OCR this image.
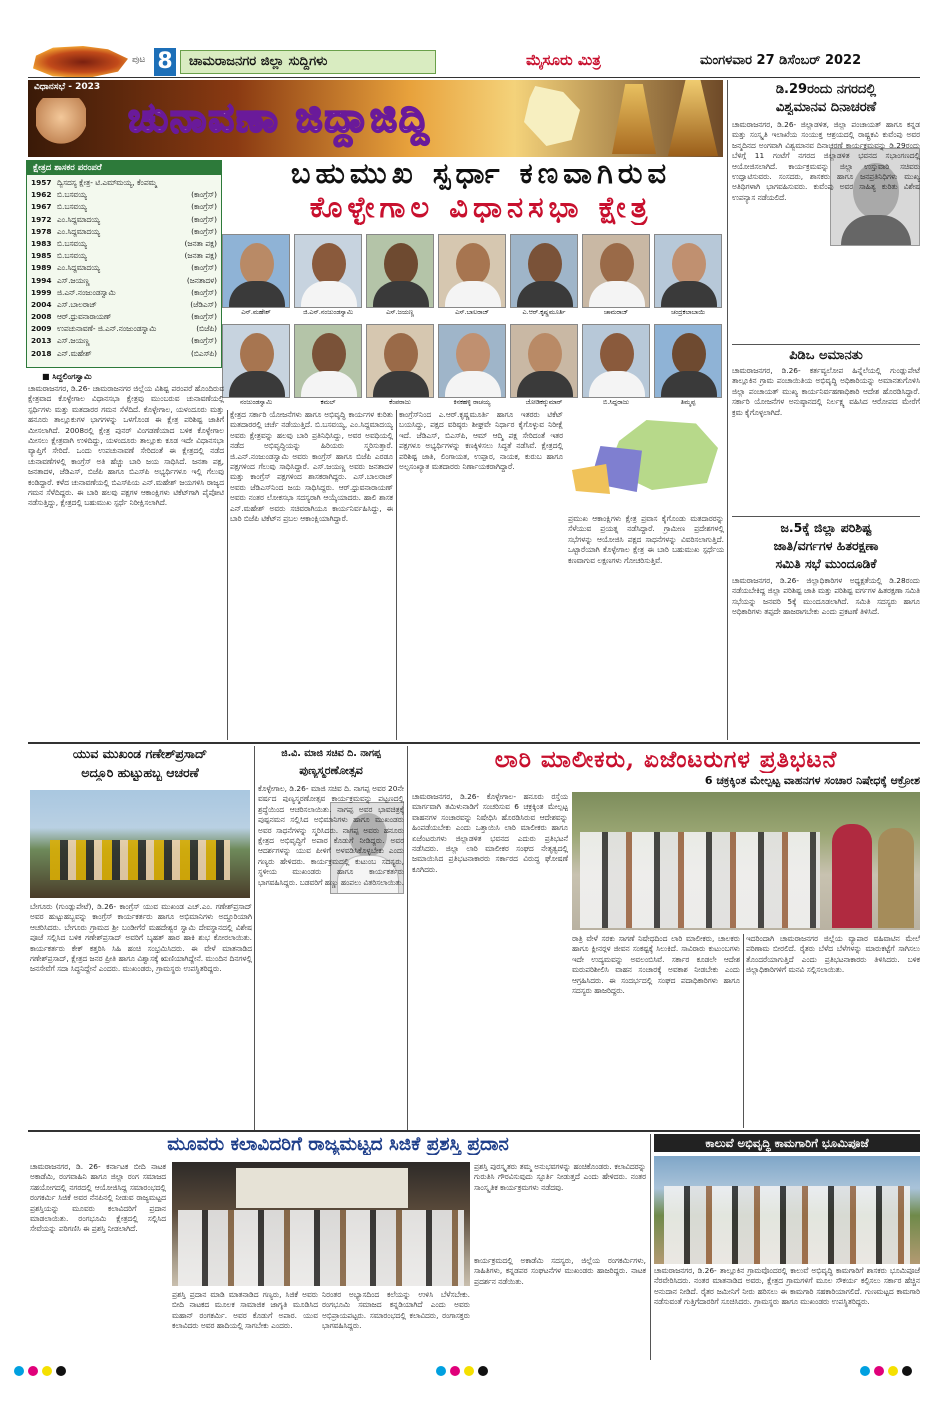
ಪುಟ 8	ಚಾಮರಾಜನಗರ ಜಿಲ್ಲಾ ಸುದ್ದಿಗಳು	ಮೈಸೂರು ಮಿತ್ರ	ಮಂಗಳವಾರ 27 ಡಿಸೆಂಬರ್ 2022
ವಿಧಾನಸಭೆ - 2023
ಚುನಾವಣಾ ಜಿದ್ದಾಜಿದ್ದಿ
ಕ್ಷೇತ್ರದ ಶಾಸಕರ ಪರಂಪರೆ
1957 ದ್ವಿಸದಸ್ಯ ಕ್ಷೇತ್ರ- ಟಿ.ಎಮ್‍ಮಯ್ಯ, ಕೆಂಪಮ್ಮ
1962 ಬಿ.ಬಸವಯ್ಯ	(ಕಾಂಗ್ರೆಸ್)
1967 ಬಿ.ಬಸವಯ್ಯ	(ಕಾಂಗ್ರೆಸ್)
1972 ಎಂ.ಸಿದ್ದಮಾದಯ್ಯ	(ಕಾಂಗ್ರೆಸ್)
1978 ಎಂ.ಸಿದ್ದಮಾದಯ್ಯ	(ಕಾಂಗ್ರೆಸ್)
1983 ಬಿ.ಬಸವಯ್ಯ	(ಜನತಾ ಪಕ್ಷ)
1985 ಬಿ.ಬಸವಯ್ಯ	(ಜನತಾ ಪಕ್ಷ)
1989 ಎಂ.ಸಿದ್ದಮಾದಯ್ಯ	(ಕಾಂಗ್ರೆಸ್)
1994 ಎಸ್.ಜಯಣ್ಣ	(ಜನತಾದಳ)
1999 ಜಿ.ಎನ್.ನಂಜುಂಡಸ್ವಾಮಿ	(ಕಾಂಗ್ರೆಸ್)
2004 ಎಸ್.ಬಾಲರಾಜ್	(ಜೆಡಿಎಸ್)
2008 ಆರ್.ಧ್ರುವನಾರಾಯಣ್	(ಕಾಂಗ್ರೆಸ್)
2009 ಉಪಚುನಾವಣೆ- ಜಿ.ಎನ್.ನಂಜುಂಡಸ್ವಾಮಿ	(ಬಿಜೆಪಿ)
2013 ಎಸ್.ಜಯಣ್ಣ	(ಕಾಂಗ್ರೆಸ್)
2018 ಎನ್.ಮಹೇಶ್	(ಬಿಎಸ್‍ಪಿ)
ಬಹುಮುಖ ಸ್ಪರ್ಧಾ ಕಣವಾಗಿರುವ
ಕೊಳ್ಳೇಗಾಲ ವಿಧಾನಸಭಾ ಕ್ಷೇತ್ರ
ಎನ್.ಮಹೇಶ್	ಜಿ.ಎನ್.ನಂಜುಂಡಸ್ವಾಮಿ	ಎಸ್.ಜಯಣ್ಣ	ಎಸ್.ಬಾಲರಾಜ್	ಎ.ಆರ್.ಕೃಷ್ಣಮೂರ್ತಿ	ಚಾಮರಾಜ್	ಚಂದ್ರಕಲಾಬಾಯಿ
ನಂಜುಂಡಸ್ವಾಮಿ	ಕಮಲ್	ಕೆಂಪರಾಜು	ಕಿನಕಹಳ್ಳಿ ರಾಚಯ್ಯ	ಜೋಡಿಕರ್‍ಕುಮಾರ್	ಬಿ.ಸಿದ್ದರಾಜು	ತಿಮ್ಮಪ್ಪ
■ ಸಿದ್ದಲಿಂಗಸ್ವಾಮಿ
ಚಾಮರಾಜನಗರ, ಡಿ.26- ಚಾಮರಾಜನಗರ ಜಿಲ್ಲೆಯ ವಿಶಿಷ್ಟ ಪರಂಪರೆ ಹೊಂದಿರುವ ಕ್ಷೇತ್ರವಾದ ಕೊಳ್ಳೇಗಾಲ ವಿಧಾನಸಭಾ ಕ್ಷೇತ್ರವು ಮುಂಬರುವ ಚುನಾವಣೆಯಲ್ಲಿ ಸ್ಪರ್ಧಿಗಳು ಮತ್ತು ಮತದಾರರ ಗಮನ ಸೆಳೆದಿದೆ. ಕೊಳ್ಳೇಗಾಲ, ಯಳಂದೂರು ಮತ್ತು ಹನೂರು ತಾಲ್ಲೂಕುಗಳ ಭಾಗಗಳನ್ನು ಒಳಗೊಂಡ ಈ ಕ್ಷೇತ್ರ ಪರಿಶಿಷ್ಟ ಜಾತಿಗೆ ಮೀಸಲಾಗಿದೆ. 2008ರಲ್ಲಿ ಕ್ಷೇತ್ರ ಪುನರ್ ವಿಂಗಡಣೆಯಾದ ಬಳಿಕ ಕೊಳ್ಳೇಗಾಲ ಮೀಸಲು ಕ್ಷೇತ್ರವಾಗಿ ಉಳಿದಿದ್ದು, ಯಳಂದೂರು ತಾಲ್ಲೂಕು ಕೂಡ ಇದೇ ವಿಧಾನಸಭಾ ವ್ಯಾಪ್ತಿಗೆ ಸೇರಿದೆ. ಒಂದು ಉಪಚುನಾವಣೆ ಸೇರಿದಂತೆ ಈ ಕ್ಷೇತ್ರದಲ್ಲಿ ನಡೆದ ಚುನಾವಣೆಗಳಲ್ಲಿ ಕಾಂಗ್ರೆಸ್ ಅತಿ ಹೆಚ್ಚು ಬಾರಿ ಜಯ ಸಾಧಿಸಿದೆ. ಜನತಾ ಪಕ್ಷ, ಜನತಾದಳ, ಜೆಡಿಎಸ್, ಬಿಜೆಪಿ ಹಾಗೂ ಬಿಎಸ್‍ಪಿ ಅಭ್ಯರ್ಥಿಗಳೂ ಇಲ್ಲಿ ಗೆಲುವು ಕಂಡಿದ್ದಾರೆ. ಕಳೆದ ಚುನಾವಣೆಯಲ್ಲಿ ಬಿಎಸ್‍ಪಿಯ ಎನ್.ಮಹೇಶ್ ಜಯಗಳಿಸಿ ರಾಜ್ಯದ ಗಮನ ಸೆಳೆದಿದ್ದರು. ಈ ಬಾರಿ ಹಲವು ಪಕ್ಷಗಳ ಆಕಾಂಕ್ಷಿಗಳು ಟಿಕೆಟ್‍ಗಾಗಿ ಪೈಪೋಟಿ ನಡೆಸುತ್ತಿದ್ದು, ಕ್ಷೇತ್ರದಲ್ಲಿ ಬಹುಮುಖ ಸ್ಪರ್ಧೆ ನಿರೀಕ್ಷಿಸಲಾಗಿದೆ.
ಕ್ಷೇತ್ರದ ಸರ್ಕಾರಿ ಯೋಜನೆಗಳು ಹಾಗೂ ಅಭಿವೃದ್ಧಿ ಕಾರ್ಯಗಳ ಕುರಿತು ಮತದಾರರಲ್ಲಿ ಚರ್ಚೆ ನಡೆಯುತ್ತಿದೆ. ಬಿ.ಬಸವಯ್ಯ, ಎಂ.ಸಿದ್ದಮಾದಯ್ಯ ಅವರು ಕ್ಷೇತ್ರವನ್ನು ಹಲವು ಬಾರಿ ಪ್ರತಿನಿಧಿಸಿದ್ದು, ಅವರ ಅವಧಿಯಲ್ಲಿ ನಡೆದ ಅಭಿವೃದ್ಧಿಯನ್ನು ಹಿರಿಯರು ಸ್ಮರಿಸುತ್ತಾರೆ. ಜಿ.ಎನ್.ನಂಜುಂಡಸ್ವಾಮಿ ಅವರು ಕಾಂಗ್ರೆಸ್ ಹಾಗೂ ಬಿಜೆಪಿ ಎರಡೂ ಪಕ್ಷಗಳಿಂದ ಗೆಲುವು ಸಾಧಿಸಿದ್ದಾರೆ. ಎಸ್.ಜಯಣ್ಣ ಅವರು ಜನತಾದಳ ಮತ್ತು ಕಾಂಗ್ರೆಸ್ ಪಕ್ಷಗಳಿಂದ ಶಾಸಕರಾಗಿದ್ದರು. ಎಸ್.ಬಾಲರಾಜ್ ಅವರು ಜೆಡಿಎಸ್‍ನಿಂದ ಜಯ ಸಾಧಿಸಿದ್ದರು. ಆರ್.ಧ್ರುವನಾರಾಯಣ್ ಅವರು ನಂತರ ಲೋಕಸಭಾ ಸದಸ್ಯರಾಗಿ ಆಯ್ಕೆಯಾದರು. ಹಾಲಿ ಶಾಸಕ ಎನ್.ಮಹೇಶ್ ಅವರು ಸಚಿವರಾಗಿಯೂ ಕಾರ್ಯನಿರ್ವಹಿಸಿದ್ದು, ಈ ಬಾರಿ ಬಿಜೆಪಿ ಟಿಕೆಟ್‍ನ ಪ್ರಬಲ ಆಕಾಂಕ್ಷಿಯಾಗಿದ್ದಾರೆ.
ಕಾಂಗ್ರೆಸ್‍ನಿಂದ ಎ.ಆರ್.ಕೃಷ್ಣಮೂರ್ತಿ ಹಾಗೂ ಇತರರು ಟಿಕೆಟ್ ಬಯಸಿದ್ದು, ಪಕ್ಷದ ವರಿಷ್ಠರು ಶೀಘ್ರವೇ ನಿರ್ಧಾರ ಕೈಗೊಳ್ಳುವ ನಿರೀಕ್ಷೆ ಇದೆ. ಜೆಡಿಎಸ್, ಬಿಎಸ್‍ಪಿ, ಆಮ್ ಆದ್ಮಿ ಪಕ್ಷ ಸೇರಿದಂತೆ ಇತರ ಪಕ್ಷಗಳೂ ಅಭ್ಯರ್ಥಿಗಳನ್ನು ಕಣಕ್ಕಿಳಿಸಲು ಸಿದ್ಧತೆ ನಡೆಸಿವೆ. ಕ್ಷೇತ್ರದಲ್ಲಿ ಪರಿಶಿಷ್ಟ ಜಾತಿ, ಲಿಂಗಾಯತ, ಉಪ್ಪಾರ, ನಾಯಕ, ಕುರುಬ ಹಾಗೂ ಅಲ್ಪಸಂಖ್ಯಾತ ಮತದಾರರು ನಿರ್ಣಾಯಕರಾಗಿದ್ದಾರೆ.
ಪ್ರಮುಖ ಆಕಾಂಕ್ಷಿಗಳು ಕ್ಷೇತ್ರ ಪ್ರವಾಸ ಕೈಗೊಂಡು ಮತದಾರರನ್ನು ಸೆಳೆಯುವ ಪ್ರಯತ್ನ ನಡೆಸಿದ್ದಾರೆ. ಗ್ರಾಮೀಣ ಪ್ರದೇಶಗಳಲ್ಲಿ ಸಭೆಗಳನ್ನು ಆಯೋಜಿಸಿ ಪಕ್ಷದ ಸಾಧನೆಗಳನ್ನು ವಿವರಿಸಲಾಗುತ್ತಿದೆ. ಒಟ್ಟಾರೆಯಾಗಿ ಕೊಳ್ಳೇಗಾಲ ಕ್ಷೇತ್ರ ಈ ಬಾರಿ ಬಹುಮುಖ ಸ್ಪರ್ಧೆಯ ಕಣವಾಗುವ ಲಕ್ಷಣಗಳು ಗೋಚರಿಸುತ್ತಿವೆ.
ಡಿ.29ರಂದು ನಗರದಲ್ಲಿ
ವಿಶ್ವಮಾನವ ದಿನಾಚರಣೆ
ಚಾಮರಾಜನಗರ, ಡಿ.26- ಜಿಲ್ಲಾಡಳಿತ, ಜಿಲ್ಲಾ ಪಂಚಾಯತ್ ಹಾಗೂ ಕನ್ನಡ ಮತ್ತು ಸಂಸ್ಕೃತಿ ಇಲಾಖೆಯ ಸಂಯುಕ್ತ ಆಶ್ರಯದಲ್ಲಿ ರಾಷ್ಟ್ರಕವಿ ಕುವೆಂಪು ಅವರ ಜನ್ಮದಿನದ ಅಂಗವಾಗಿ ವಿಶ್ವಮಾನವ ದಿನಾಚರಣೆ ಕಾರ್ಯಕ್ರಮವನ್ನು ಡಿ.29ರಂದು ಬೆಳಿಗ್ಗೆ 11 ಗಂಟೆಗೆ ನಗರದ ಜಿಲ್ಲಾಡಳಿತ ಭವನದ ಸಭಾಂಗಣದಲ್ಲಿ ಆಯೋಜಿಸಲಾಗಿದೆ. ಕಾರ್ಯಕ್ರಮವನ್ನು ಜಿಲ್ಲಾ ಉಸ್ತುವಾರಿ ಸಚಿವರು ಉದ್ಘಾಟಿಸುವರು. ಸಂಸದರು, ಶಾಸಕರು ಹಾಗೂ ಜನಪ್ರತಿನಿಧಿಗಳು ಮುಖ್ಯ ಅತಿಥಿಗಳಾಗಿ ಭಾಗವಹಿಸುವರು. ಕುವೆಂಪು ಅವರ ಸಾಹಿತ್ಯ ಕುರಿತು ವಿಶೇಷ ಉಪನ್ಯಾಸ ನಡೆಯಲಿದೆ.
ಪಿಡಿಒ ಅಮಾನತು
ಚಾಮರಾಜನಗರ, ಡಿ.26- ಕರ್ತವ್ಯಲೋಪ ಹಿನ್ನೆಲೆಯಲ್ಲಿ ಗುಂಡ್ಲುಪೇಟೆ ತಾಲ್ಲೂಕಿನ ಗ್ರಾಮ ಪಂಚಾಯಿತಿಯ ಅಭಿವೃದ್ಧಿ ಅಧಿಕಾರಿಯನ್ನು ಅಮಾನತುಗೊಳಿಸಿ ಜಿಲ್ಲಾ ಪಂಚಾಯತ್ ಮುಖ್ಯ ಕಾರ್ಯನಿರ್ವಹಣಾಧಿಕಾರಿ ಆದೇಶ ಹೊರಡಿಸಿದ್ದಾರೆ. ಸರ್ಕಾರಿ ಯೋಜನೆಗಳ ಅನುಷ್ಠಾನದಲ್ಲಿ ನಿರ್ಲಕ್ಷ್ಯ ವಹಿಸಿದ ಆರೋಪದ ಮೇರೆಗೆ ಕ್ರಮ ಕೈಗೊಳ್ಳಲಾಗಿದೆ.
ಜ.5ಕ್ಕೆ ಜಿಲ್ಲಾ ಪರಿಶಿಷ್ಟ
ಜಾತಿ/ವರ್ಗಗಳ ಹಿತರಕ್ಷಣಾ
ಸಮಿತಿ ಸಭೆ ಮುಂದೂಡಿಕೆ
ಚಾಮರಾಜನಗರ, ಡಿ.26- ಜಿಲ್ಲಾಧಿಕಾರಿಗಳ ಅಧ್ಯಕ್ಷತೆಯಲ್ಲಿ ಡಿ.28ರಂದು ನಡೆಯಬೇಕಿದ್ದ ಜಿಲ್ಲಾ ಪರಿಶಿಷ್ಟ ಜಾತಿ ಮತ್ತು ಪರಿಶಿಷ್ಟ ವರ್ಗಗಳ ಹಿತರಕ್ಷಣಾ ಸಮಿತಿ ಸಭೆಯನ್ನು ಜನವರಿ 5ಕ್ಕೆ ಮುಂದೂಡಲಾಗಿದೆ. ಸಮಿತಿ ಸದಸ್ಯರು ಹಾಗೂ ಅಧಿಕಾರಿಗಳು ತಪ್ಪದೇ ಹಾಜರಾಗಬೇಕು ಎಂದು ಪ್ರಕಟಣೆ ತಿಳಿಸಿದೆ.
ಯುವ ಮುಖಂಡ ಗಣೇಶ್‍ಪ್ರಸಾದ್
ಅದ್ದೂರಿ ಹುಟ್ಟುಹಬ್ಬ ಆಚರಣೆ
ಬೇಗೂರು (ಗುಂಡ್ಲುಪೇಟೆ), ಡಿ.26- ಕಾಂಗ್ರೆಸ್ ಯುವ ಮುಖಂಡ ಎಚ್.ಎಂ. ಗಣೇಶ್‍ಪ್ರಸಾದ್ ಅವರ ಹುಟ್ಟುಹಬ್ಬವನ್ನು ಕಾಂಗ್ರೆಸ್ ಕಾರ್ಯಕರ್ತರು ಹಾಗೂ ಅಭಿಮಾನಿಗಳು ಅದ್ದೂರಿಯಾಗಿ ಆಚರಿಸಿದರು. ಬೇಗೂರು ಗ್ರಾಮದ ಶ್ರೀ ಬಂಡೀಗೆರೆ ಮಹದೇಶ್ವರ ಸ್ವಾಮಿ ದೇವಸ್ಥಾನದಲ್ಲಿ ವಿಶೇಷ ಪೂಜೆ ಸಲ್ಲಿಸಿದ ಬಳಿಕ ಗಣೇಶ್‍ಪ್ರಸಾದ್ ಅವರಿಗೆ ಬೃಹತ್ ಹಾರ ಹಾಕಿ ಶುಭ ಕೋರಲಾಯಿತು. ಕಾರ್ಯಕರ್ತರು ಕೇಕ್ ಕತ್ತರಿಸಿ ಸಿಹಿ ಹಂಚಿ ಸಂಭ್ರಮಿಸಿದರು. ಈ ವೇಳೆ ಮಾತನಾಡಿದ ಗಣೇಶ್‍ಪ್ರಸಾದ್, ಕ್ಷೇತ್ರದ ಜನರ ಪ್ರೀತಿ ಹಾಗೂ ವಿಶ್ವಾಸಕ್ಕೆ ಋಣಿಯಾಗಿದ್ದೇನೆ. ಮುಂದಿನ ದಿನಗಳಲ್ಲಿ ಜನಸೇವೆಗೆ ಸದಾ ಸಿದ್ಧನಿದ್ದೇನೆ ಎಂದರು. ಮುಖಂಡರು, ಗ್ರಾಮಸ್ಥರು ಉಪಸ್ಥಿತರಿದ್ದರು.
ಜಿ.ವಿ. ಮಾಜಿ ಸಚಿವ ದಿ. ನಾಗಪ್ಪ
ಪುಣ್ಯಸ್ಮರಣೋತ್ಸವ
ಕೊಳ್ಳೇಗಾಲ, ಡಿ.26- ಮಾಜಿ ಸಚಿವ ದಿ. ನಾಗಪ್ಪ ಅವರ 20ನೇ ವರ್ಷದ ಪುಣ್ಯಸ್ಮರಣೋತ್ಸವ ಕಾರ್ಯಕ್ರಮವನ್ನು ಪಟ್ಟಣದಲ್ಲಿ ಶ್ರದ್ಧೆಯಿಂದ ಆಚರಿಸಲಾಯಿತು. ನಾಗಪ್ಪ ಅವರ ಭಾವಚಿತ್ರಕ್ಕೆ ಪುಷ್ಪನಮನ ಸಲ್ಲಿಸಿದ ಅಭಿಮಾನಿಗಳು ಹಾಗೂ ಮುಖಂಡರು ಅವರ ಸಾಧನೆಗಳನ್ನು ಸ್ಮರಿಸಿದರು. ನಾಗಪ್ಪ ಅವರು ಹನೂರು ಕ್ಷೇತ್ರದ ಅಭಿವೃದ್ಧಿಗೆ ಅಪಾರ ಕೊಡುಗೆ ನೀಡಿದ್ದರು. ಅವರ ಆದರ್ಶಗಳನ್ನು ಯುವ ಪೀಳಿಗೆ ಅಳವಡಿಸಿಕೊಳ್ಳಬೇಕು ಎಂದು ಗಣ್ಯರು ಹೇಳಿದರು. ಕಾರ್ಯಕ್ರಮದಲ್ಲಿ ಕುಟುಂಬ ಸದಸ್ಯರು, ಸ್ಥಳೀಯ ಮುಖಂಡರು ಹಾಗೂ ಕಾರ್ಯಕರ್ತರು ಭಾಗವಹಿಸಿದ್ದರು. ಬಡವರಿಗೆ ಹಣ್ಣು ಹಂಪಲು ವಿತರಿಸಲಾಯಿತು.
ಲಾರಿ ಮಾಲೀಕರು, ಏಜೆಂಟರುಗಳ ಪ್ರತಿಭಟನೆ
6 ಚಕ್ರಕ್ಕಿಂತ ಮೇಲ್ಪಟ್ಟ ವಾಹನಗಳ ಸಂಚಾರ ನಿಷೇಧಕ್ಕೆ ಆಕ್ರೋಶ
ಚಾಮರಾಜನಗರ, ಡಿ.26- ಕೊಳ್ಳೇಗಾಲ- ಹನೂರು ರಸ್ತೆಯ ಮಾರ್ಗವಾಗಿ ತಮಿಳುನಾಡಿಗೆ ಸಂಚರಿಸುವ 6 ಚಕ್ರಕ್ಕಿಂತ ಮೇಲ್ಪಟ್ಟ ವಾಹನಗಳ ಸಂಚಾರವನ್ನು ನಿಷೇಧಿಸಿ ಹೊರಡಿಸಿರುವ ಆದೇಶವನ್ನು ಹಿಂಪಡೆಯಬೇಕು ಎಂದು ಒತ್ತಾಯಿಸಿ ಲಾರಿ ಮಾಲೀಕರು ಹಾಗೂ ಏಜೆಂಟರುಗಳು ಜಿಲ್ಲಾಡಳಿತ ಭವನದ ಎದುರು ಪ್ರತಿಭಟನೆ ನಡೆಸಿದರು. ಜಿಲ್ಲಾ ಲಾರಿ ಮಾಲೀಕರ ಸಂಘದ ನೇತೃತ್ವದಲ್ಲಿ ಜಮಾಯಿಸಿದ ಪ್ರತಿಭಟನಾಕಾರರು ಸರ್ಕಾರದ ವಿರುದ್ಧ ಘೋಷಣೆ ಕೂಗಿದರು.
ರಾತ್ರಿ ವೇಳೆ ಸರಕು ಸಾಗಣೆ ನಿಷೇಧದಿಂದ ಲಾರಿ ಮಾಲೀಕರು, ಚಾಲಕರು ಹಾಗೂ ಕ್ಲೀನರ್‍ಗಳ ಜೀವನ ಸಂಕಷ್ಟಕ್ಕೆ ಸಿಲುಕಿದೆ. ಸಾವಿರಾರು ಕುಟುಂಬಗಳು ಇದೇ ಉದ್ಯಮವನ್ನು ಅವಲಂಬಿಸಿವೆ. ಸರ್ಕಾರ ಕೂಡಲೇ ಆದೇಶ ಮರುಪರಿಶೀಲಿಸಿ ವಾಹನ ಸಂಚಾರಕ್ಕೆ ಅವಕಾಶ ನೀಡಬೇಕು ಎಂದು ಆಗ್ರಹಿಸಿದರು. ಈ ಸಂದರ್ಭದಲ್ಲಿ ಸಂಘದ ಪದಾಧಿಕಾರಿಗಳು ಹಾಗೂ ಸದಸ್ಯರು ಹಾಜರಿದ್ದರು.
ಇದರಿಂದಾಗಿ ಚಾಮರಾಜನಗರ ಜಿಲ್ಲೆಯ ವ್ಯಾಪಾರ ವಹಿವಾಟಿನ ಮೇಲೆ ಪರಿಣಾಮ ಬೀರಲಿದೆ. ರೈತರು ಬೆಳೆದ ಬೆಳೆಗಳನ್ನು ಮಾರುಕಟ್ಟೆಗೆ ಸಾಗಿಸಲು ತೊಂದರೆಯಾಗುತ್ತಿದೆ ಎಂದು ಪ್ರತಿಭಟನಾಕಾರರು ತಿಳಿಸಿದರು. ಬಳಿಕ ಜಿಲ್ಲಾಧಿಕಾರಿಗಳಿಗೆ ಮನವಿ ಸಲ್ಲಿಸಲಾಯಿತು.
ಮೂವರು ಕಲಾವಿದರಿಗೆ ರಾಜ್ಯಮಟ್ಟದ ಸಿಜಿಕೆ ಪ್ರಶಸ್ತಿ ಪ್ರದಾನ
ಚಾಮರಾಜನಗರ, ಡಿ. 26- ಕರ್ನಾಟಕ ಬೀದಿ ನಾಟಕ ಅಕಾಡೆಮಿ, ರಂಗವಾಹಿನಿ ಹಾಗೂ ಜಿಲ್ಲಾ ರಂಗ ಸಮಾಜದ ಸಹಯೋಗದಲ್ಲಿ ನಗರದಲ್ಲಿ ಆಯೋಜಿಸಿದ್ದ ಸಮಾರಂಭದಲ್ಲಿ ರಂಗಕರ್ಮಿ ಸಿಜಿಕೆ ಅವರ ನೆನಪಿನಲ್ಲಿ ನೀಡುವ ರಾಜ್ಯಮಟ್ಟದ ಪ್ರಶಸ್ತಿಯನ್ನು ಮೂವರು ಕಲಾವಿದರಿಗೆ ಪ್ರದಾನ ಮಾಡಲಾಯಿತು. ರಂಗಭೂಮಿ ಕ್ಷೇತ್ರದಲ್ಲಿ ಸಲ್ಲಿಸಿದ ಸೇವೆಯನ್ನು ಪರಿಗಣಿಸಿ ಈ ಪ್ರಶಸ್ತಿ ನೀಡಲಾಗಿದೆ.
ಪ್ರಶಸ್ತಿ ಪ್ರದಾನ ಮಾಡಿ ಮಾತನಾಡಿದ ಗಣ್ಯರು, ಸಿಜಿಕೆ ಅವರು ಬೀದಿ ನಾಟಕದ ಮೂಲಕ ಸಾಮಾಜಿಕ ಜಾಗೃತಿ ಮೂಡಿಸಿದ ಮಹಾನ್ ರಂಗಕರ್ಮಿ. ಅವರ ಕೊಡುಗೆ ಅಪಾರ. ಯುವ ಕಲಾವಿದರು ಅವರ ಹಾದಿಯಲ್ಲಿ ಸಾಗಬೇಕು ಎಂದರು.
ನಿರಂತರ ಅಭ್ಯಾಸದಿಂದ ಕಲೆಯನ್ನು ಉಳಿಸಿ ಬೆಳೆಸಬೇಕು. ರಂಗಭೂಮಿ ಸಮಾಜದ ಕನ್ನಡಿಯಾಗಿದೆ ಎಂದು ಅವರು ಅಭಿಪ್ರಾಯಪಟ್ಟರು. ಸಮಾರಂಭದಲ್ಲಿ ಕಲಾವಿದರು, ರಂಗಾಸಕ್ತರು ಭಾಗವಹಿಸಿದ್ದರು.
ಪ್ರಶಸ್ತಿ ಪುರಸ್ಕೃತರು ತಮ್ಮ ಅನುಭವಗಳನ್ನು ಹಂಚಿಕೊಂಡರು. ಕಲಾವಿದರನ್ನು ಗುರುತಿಸಿ ಗೌರವಿಸುವುದು ಸ್ಫೂರ್ತಿ ನೀಡುತ್ತದೆ ಎಂದು ಹೇಳಿದರು. ನಂತರ ಸಾಂಸ್ಕೃತಿಕ ಕಾರ್ಯಕ್ರಮಗಳು ನಡೆದವು.
ಕಾರ್ಯಕ್ರಮದಲ್ಲಿ ಅಕಾಡೆಮಿ ಸದಸ್ಯರು, ಜಿಲ್ಲೆಯ ರಂಗಕರ್ಮಿಗಳು, ಸಾಹಿತಿಗಳು, ಕನ್ನಡಪರ ಸಂಘಟನೆಗಳ ಮುಖಂಡರು ಹಾಜರಿದ್ದರು. ನಾಟಕ ಪ್ರದರ್ಶನ ನಡೆಯಿತು.
ಕಾಲುವೆ ಅಭಿವೃದ್ಧಿ ಕಾಮಗಾರಿಗೆ ಭೂಮಿಪೂಜೆ
ಚಾಮರಾಜನಗರ, ಡಿ.26- ತಾಲ್ಲೂಕಿನ ಗ್ರಾಮವೊಂದರಲ್ಲಿ ಕಾಲುವೆ ಅಭಿವೃದ್ಧಿ ಕಾಮಗಾರಿಗೆ ಶಾಸಕರು ಭೂಮಿಪೂಜೆ ನೆರವೇರಿಸಿದರು. ನಂತರ ಮಾತನಾಡಿದ ಅವರು, ಕ್ಷೇತ್ರದ ಗ್ರಾಮಗಳಿಗೆ ಮೂಲ ಸೌಕರ್ಯ ಕಲ್ಪಿಸಲು ಸರ್ಕಾರ ಹೆಚ್ಚಿನ ಅನುದಾನ ನೀಡಿದೆ. ರೈತರ ಜಮೀನಿಗೆ ನೀರು ಹರಿಸಲು ಈ ಕಾಮಗಾರಿ ಸಹಕಾರಿಯಾಗಲಿದೆ. ಗುಣಮಟ್ಟದ ಕಾಮಗಾರಿ ನಡೆಸುವಂತೆ ಗುತ್ತಿಗೆದಾರರಿಗೆ ಸೂಚಿಸಿದರು. ಗ್ರಾಮಸ್ಥರು ಹಾಗೂ ಮುಖಂಡರು ಉಪಸ್ಥಿತರಿದ್ದರು.
